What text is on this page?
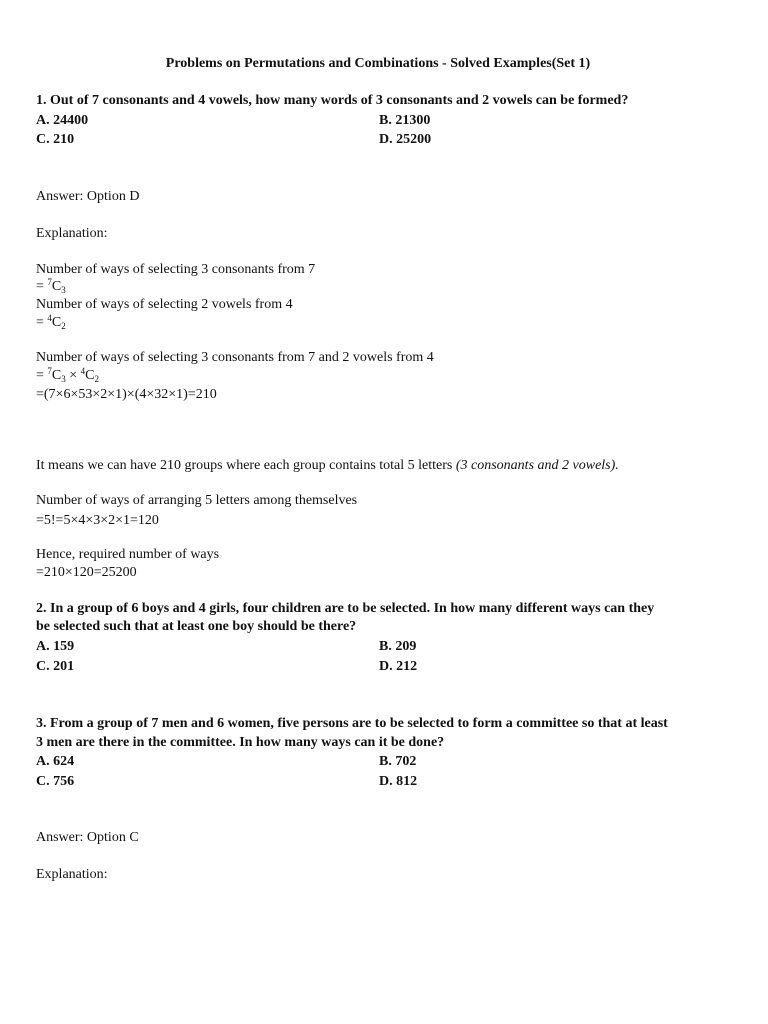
Problems on Permutations and Combinations - Solved Examples(Set 1)
1. Out of 7 consonants and 4 vowels, how many words of 3 consonants and 2 vowels can be formed?
A. 24400	B. 21300
C. 210	D. 25200
Answer: Option D
Explanation:
Number of ways of selecting 3 consonants from 7
= $^7C_3$
Number of ways of selecting 2 vowels from 4
= $^4C_2$
Number of ways of selecting 3 consonants from 7 and 2 vowels from 4
= $^7C_3 \times ^4C_2$
=(7×6×53×2×1)×(4×32×1)=210
It means we can have 210 groups where each group contains total 5 letters (3 consonants and 2 vowels).
Number of ways of arranging 5 letters among themselves
=5!=5×4×3×2×1=120
Hence, required number of ways
=210×120=25200
2. In a group of 6 boys and 4 girls, four children are to be selected. In how many different ways can they
be selected such that at least one boy should be there?
A. 159	B. 209
C. 201	D. 212
3. From a group of 7 men and 6 women, five persons are to be selected to form a committee so that at least
3 men are there in the committee. In how many ways can it be done?
A. 624	B. 702
C. 756	D. 812
Answer: Option C
Explanation:
